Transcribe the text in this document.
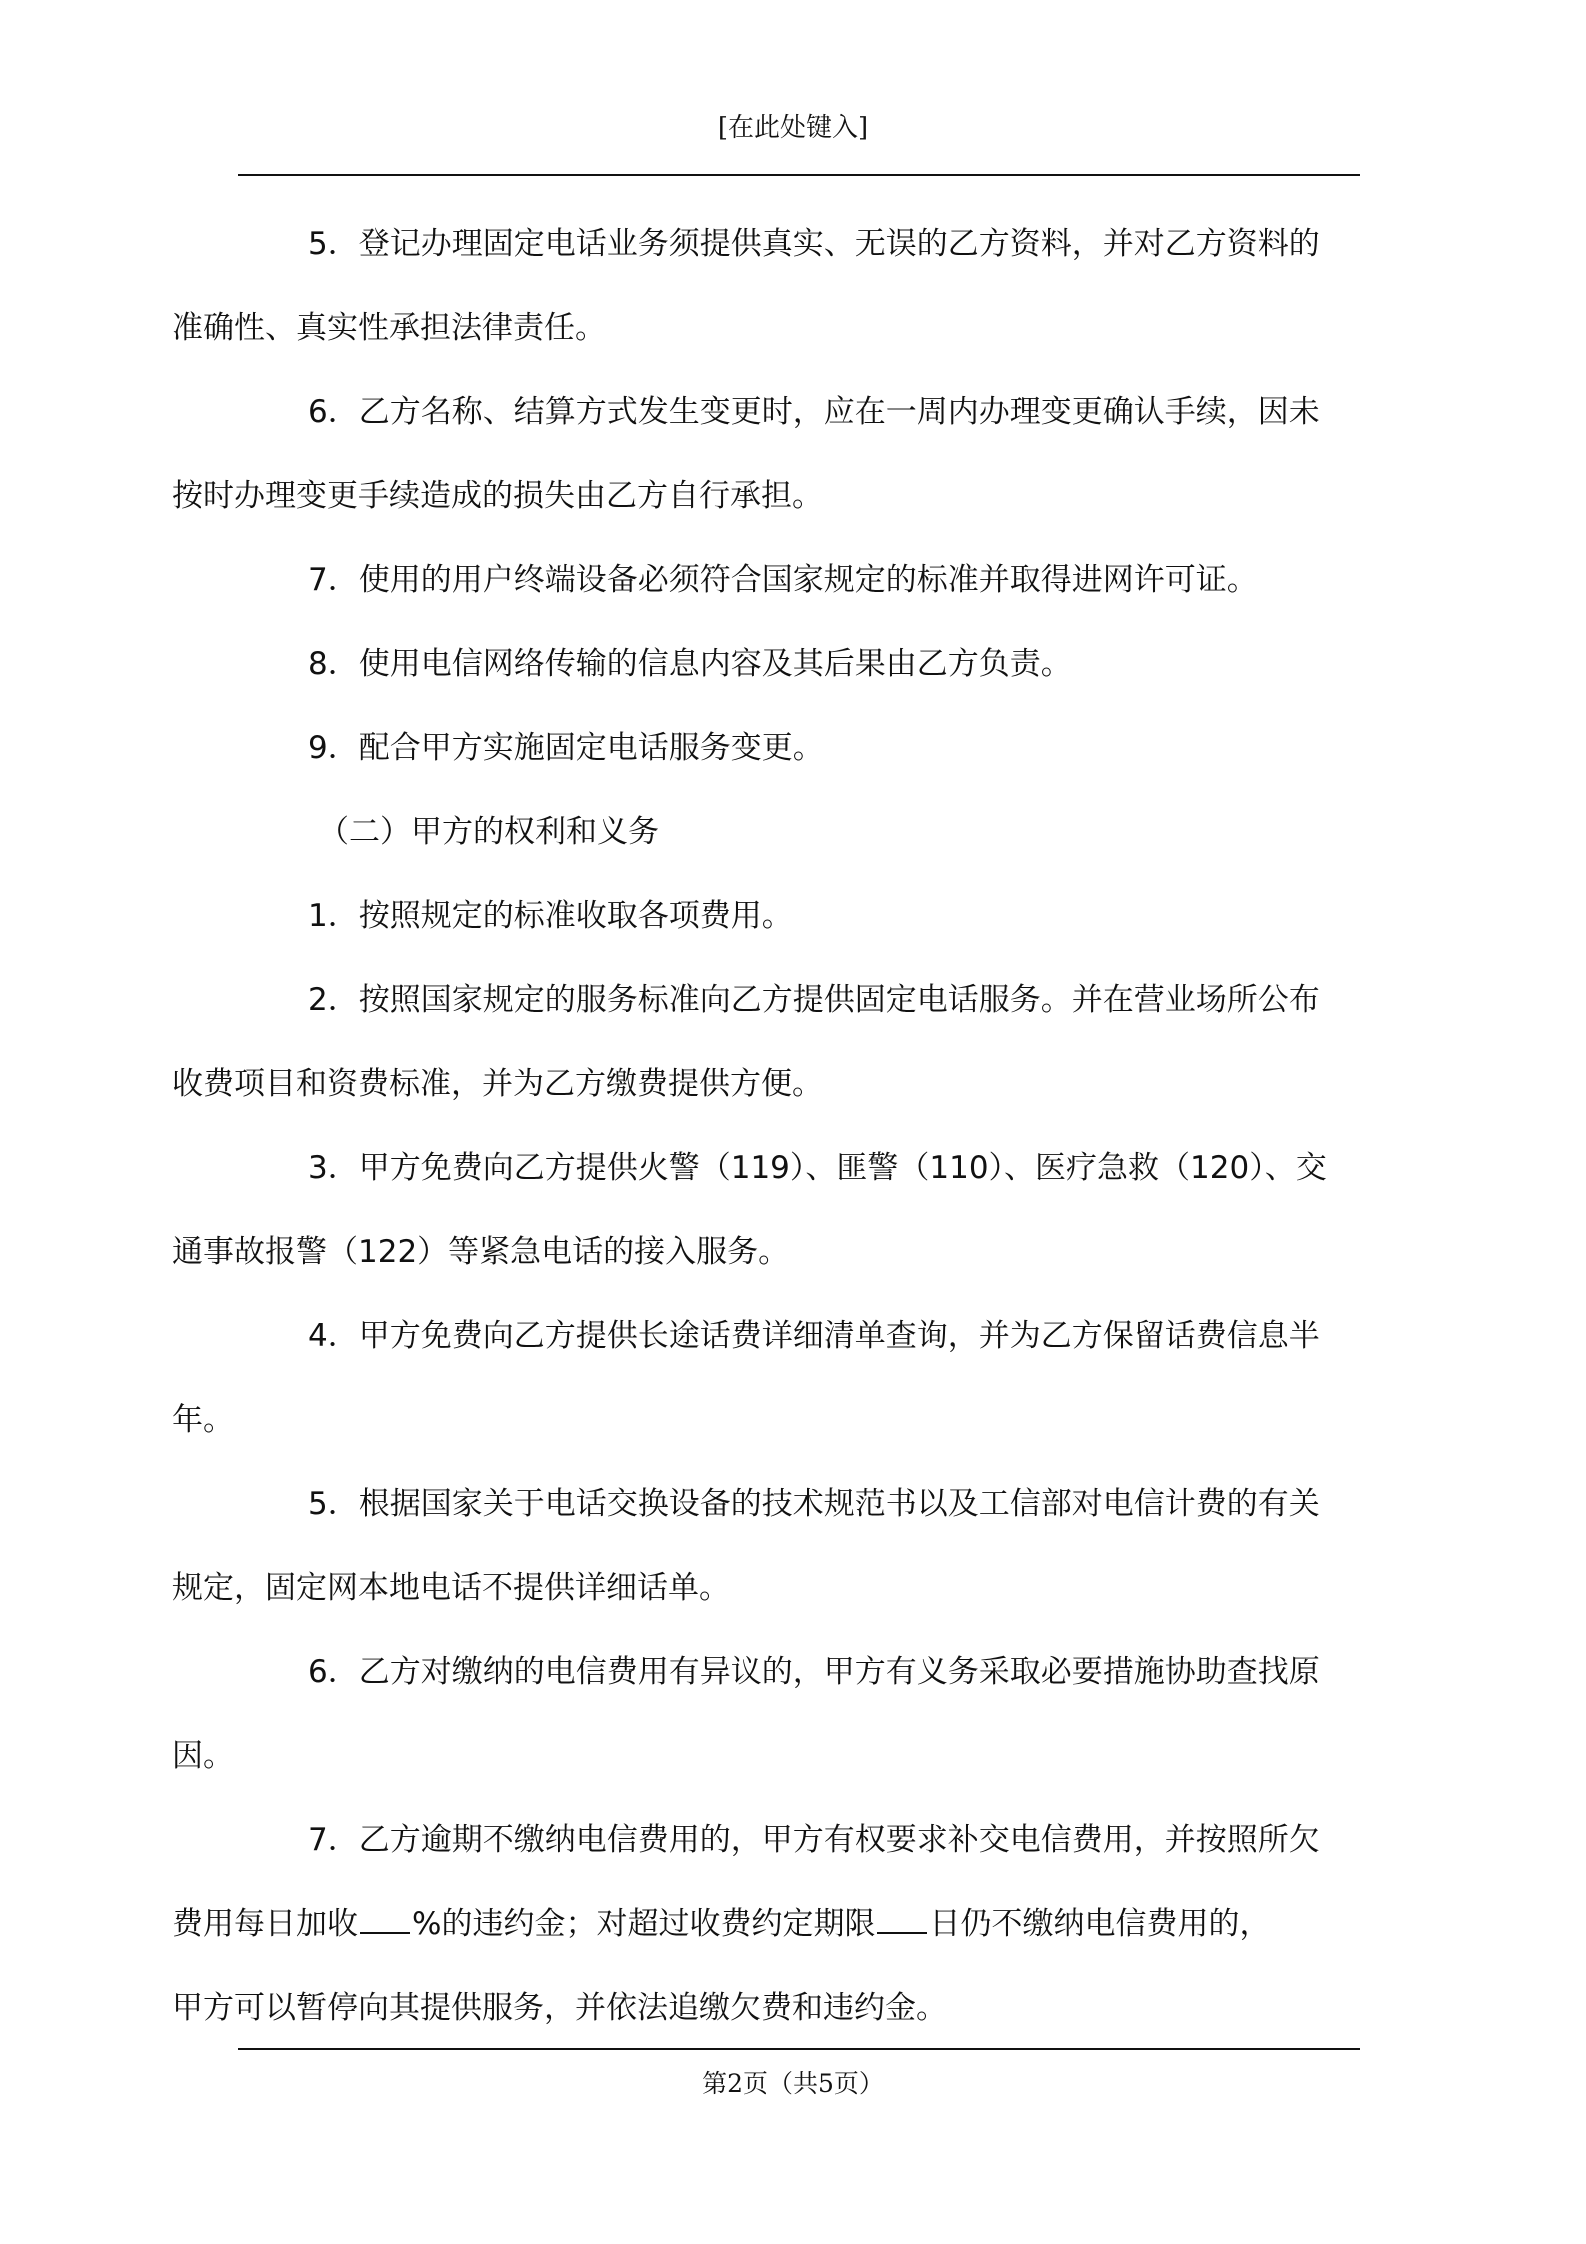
[在此处键入]

5．登记办理固定电话业务须提供真实、无误的乙方资料，并对乙方资料的
准确性、真实性承担法律责任。

6．乙方名称、结算方式发生变更时，应在一周内办理变更确认手续，因未
按时办理变更手续造成的损失由乙方自行承担。

7．使用的用户终端设备必须符合国家规定的标准并取得进网许可证。

8．使用电信网络传输的信息内容及其后果由乙方负责。

9．配合甲方实施固定电话服务变更。

（二）甲方的权利和义务

1．按照规定的标准收取各项费用。

2．按照国家规定的服务标准向乙方提供固定电话服务。并在营业场所公布
收费项目和资费标准，并为乙方缴费提供方便。

3．甲方免费向乙方提供火警（119）、匪警（110）、医疗急救（120）、交
通事故报警（122）等紧急电话的接入服务。

4．甲方免费向乙方提供长途话费详细清单查询，并为乙方保留话费信息半
年。

5．根据国家关于电话交换设备的技术规范书以及工信部对电信计费的有关
规定，固定网本地电话不提供详细话单。

6．乙方对缴纳的电信费用有异议的，甲方有义务采取必要措施协助查找原
因。

7．乙方逾期不缴纳电信费用的，甲方有权要求补交电信费用，并按照所欠
费用每日加收 %的违约金；对超过收费约定期限 日仍不缴纳电信费用的，
甲方可以暂停向其提供服务，并依法追缴欠费和违约金。

第2页（共5页）
